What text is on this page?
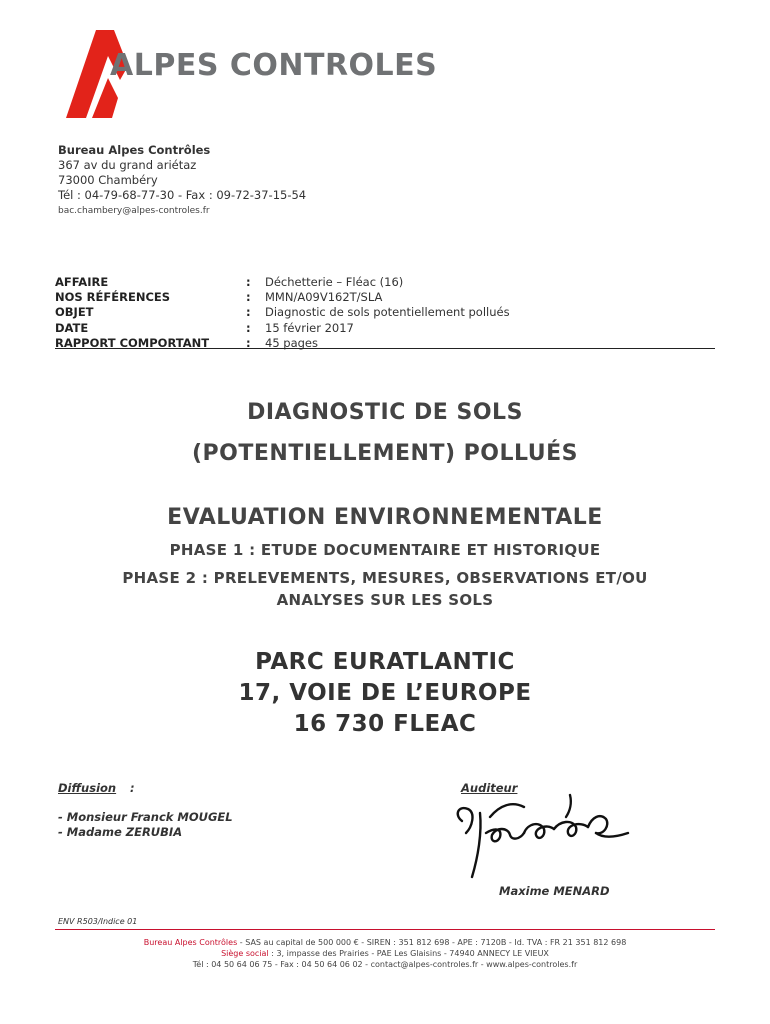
ALPES CONTROLES
Bureau Alpes Contrôles
367 av du grand ariétaz
73000 Chambéry
Tél : 04-79-68-77-30 - Fax : 09-72-37-15-54
bac.chambery@alpes-controles.fr
AFFAIRE	:	Déchetterie – Fléac (16)
NOS RÉFÉRENCES	:	MMN/A09V162T/SLA
OBJET	:	Diagnostic de sols potentiellement pollués
DATE	:	15 février 2017
RAPPORT COMPORTANT	:	45 pages
DIAGNOSTIC DE SOLS
(POTENTIELLEMENT) POLLUÉS
EVALUATION ENVIRONNEMENTALE
PHASE 1 : ETUDE DOCUMENTAIRE ET HISTORIQUE
PHASE 2 : PRELEVEMENTS, MESURES, OBSERVATIONS ET/OU
ANALYSES SUR LES SOLS
PARC EURATLANTIC
17, VOIE DE L’EUROPE
16 730 FLEAC
Diffusion :
- Monsieur Franck MOUGEL
- Madame ZERUBIA
Auditeur
Maxime MENARD
ENV R503/Indice 01
Bureau Alpes Contrôles - SAS au capital de 500 000 € - SIREN : 351 812 698 - APE : 7120B - Id. TVA : FR 21 351 812 698
Siège social : 3, impasse des Prairies - PAE Les Glaisins - 74940 ANNECY LE VIEUX
Tél : 04 50 64 06 75 - Fax : 04 50 64 06 02 - contact@alpes-controles.fr - www.alpes-controles.fr
